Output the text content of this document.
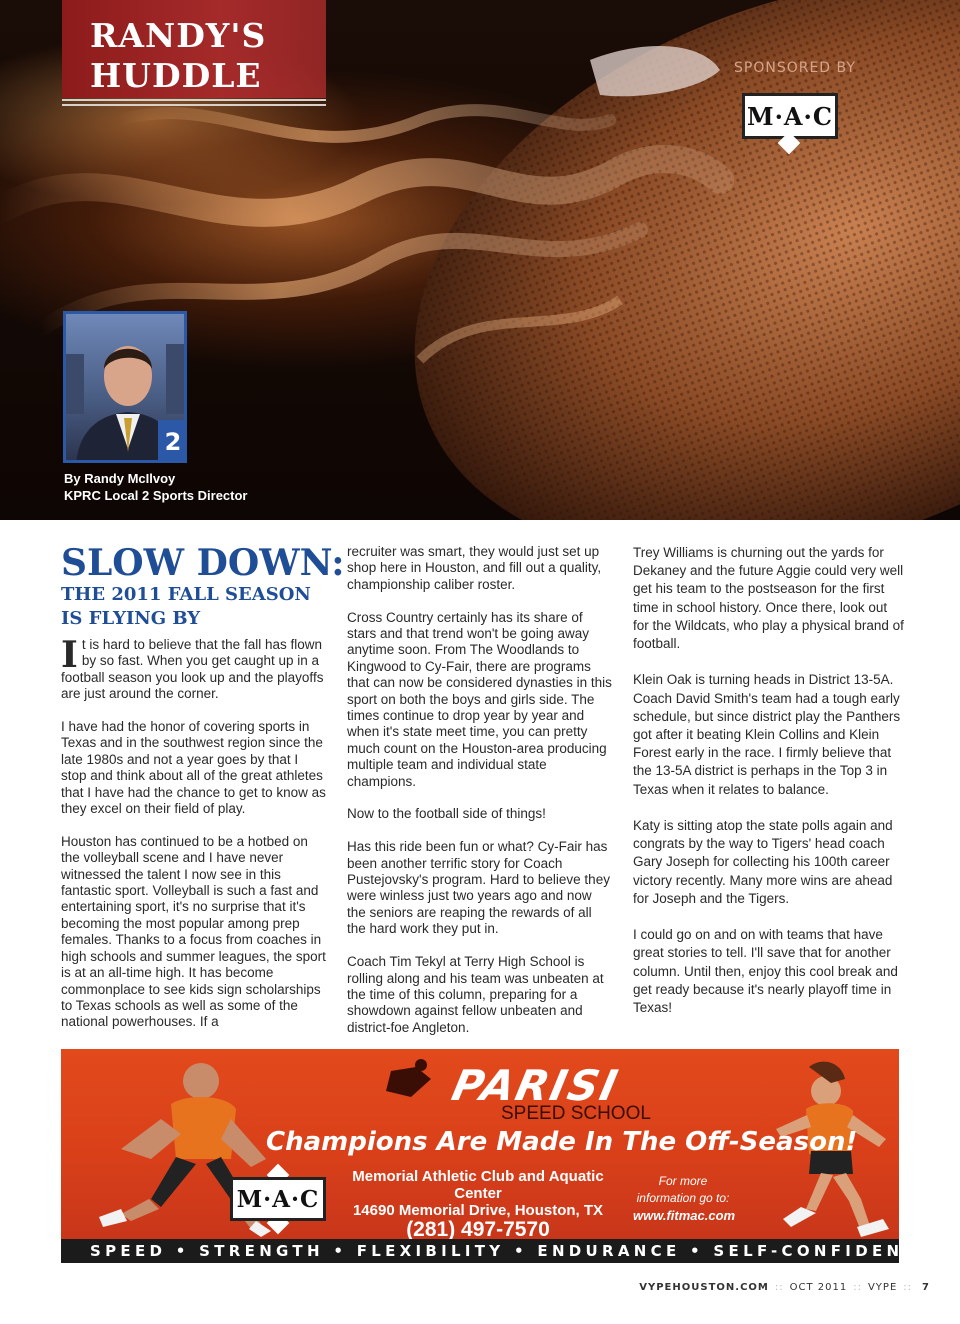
RANDY'S
HUDDLE	SPONSORED BY
M·A·C
2
By Randy McIlvoy
KPRC Local 2 Sports Director
SLOW DOWN:
THE 2011 FALL SEASON
IS FLYING BY

It is hard to believe that the fall has flown by so fast. When you get caught up in a football season you look up and the playoffs are just around the corner.

I have had the honor of covering sports in Texas and in the southwest region since the late 1980s and not a year goes by that I stop and think about all of the great athletes that I have had the chance to get to know as they excel on their field of play.

Houston has continued to be a hotbed on the volleyball scene and I have never witnessed the talent I now see in this fantastic sport. Volleyball is such a fast and entertaining sport, it's no surprise that it's becoming the most popular among prep females. Thanks to a focus from coaches in high schools and summer leagues, the sport is at an all-time high. It has become commonplace to see kids sign scholarships to Texas schools as well as some of the national powerhouses. If a

recruiter was smart, they would just set up shop here in Houston, and fill out a quality, championship caliber roster.

Cross Country certainly has its share of stars and that trend won't be going away anytime soon. From The Woodlands to Kingwood to Cy-Fair, there are programs that can now be considered dynasties in this sport on both the boys and girls side. The times continue to drop year by year and when it's state meet time, you can pretty much count on the Houston-area producing multiple team and individual state champions.

Now to the football side of things!

Has this ride been fun or what? Cy-Fair has been another terrific story for Coach Pustejovsky's program. Hard to believe they were winless just two years ago and now the seniors are reaping the rewards of all the hard work they put in.

Coach Tim Tekyl at Terry High School is rolling along and his team was unbeaten at the time of this column, preparing for a showdown against fellow unbeaten and district-foe Angleton.

Trey Williams is churning out the yards for Dekaney and the future Aggie could very well get his team to the postseason for the first time in school history. Once there, look out for the Wildcats, who play a physical brand of football.

Klein Oak is turning heads in District 13-5A. Coach David Smith's team had a tough early schedule, but since district play the Panthers got after it beating Klein Collins and Klein Forest early in the race. I firmly believe that the 13-5A district is perhaps in the Top 3 in Texas when it relates to balance.

Katy is sitting atop the state polls again and congrats by the way to Tigers' head coach Gary Joseph for collecting his 100th career victory recently. Many more wins are ahead for Joseph and the Tigers.

I could go on and on with teams that have great stories to tell. I'll save that for another column. Until then, enjoy this cool break and get ready because it's nearly playoff time in Texas!

PARISI
SPEED SCHOOL
Champions Are Made In The Off-Season!
M·A·C
Memorial Athletic Club and Aquatic Center
14690 Memorial Drive, Houston, TX
(281) 497-7570
For more
information go to:
www.fitmac.com
SPEED • STRENGTH • FLEXIBILITY • ENDURANCE • SELF-CONFIDENCE
VYPEHOUSTON.COM :: OCT 2011 :: VYPE :: 7
